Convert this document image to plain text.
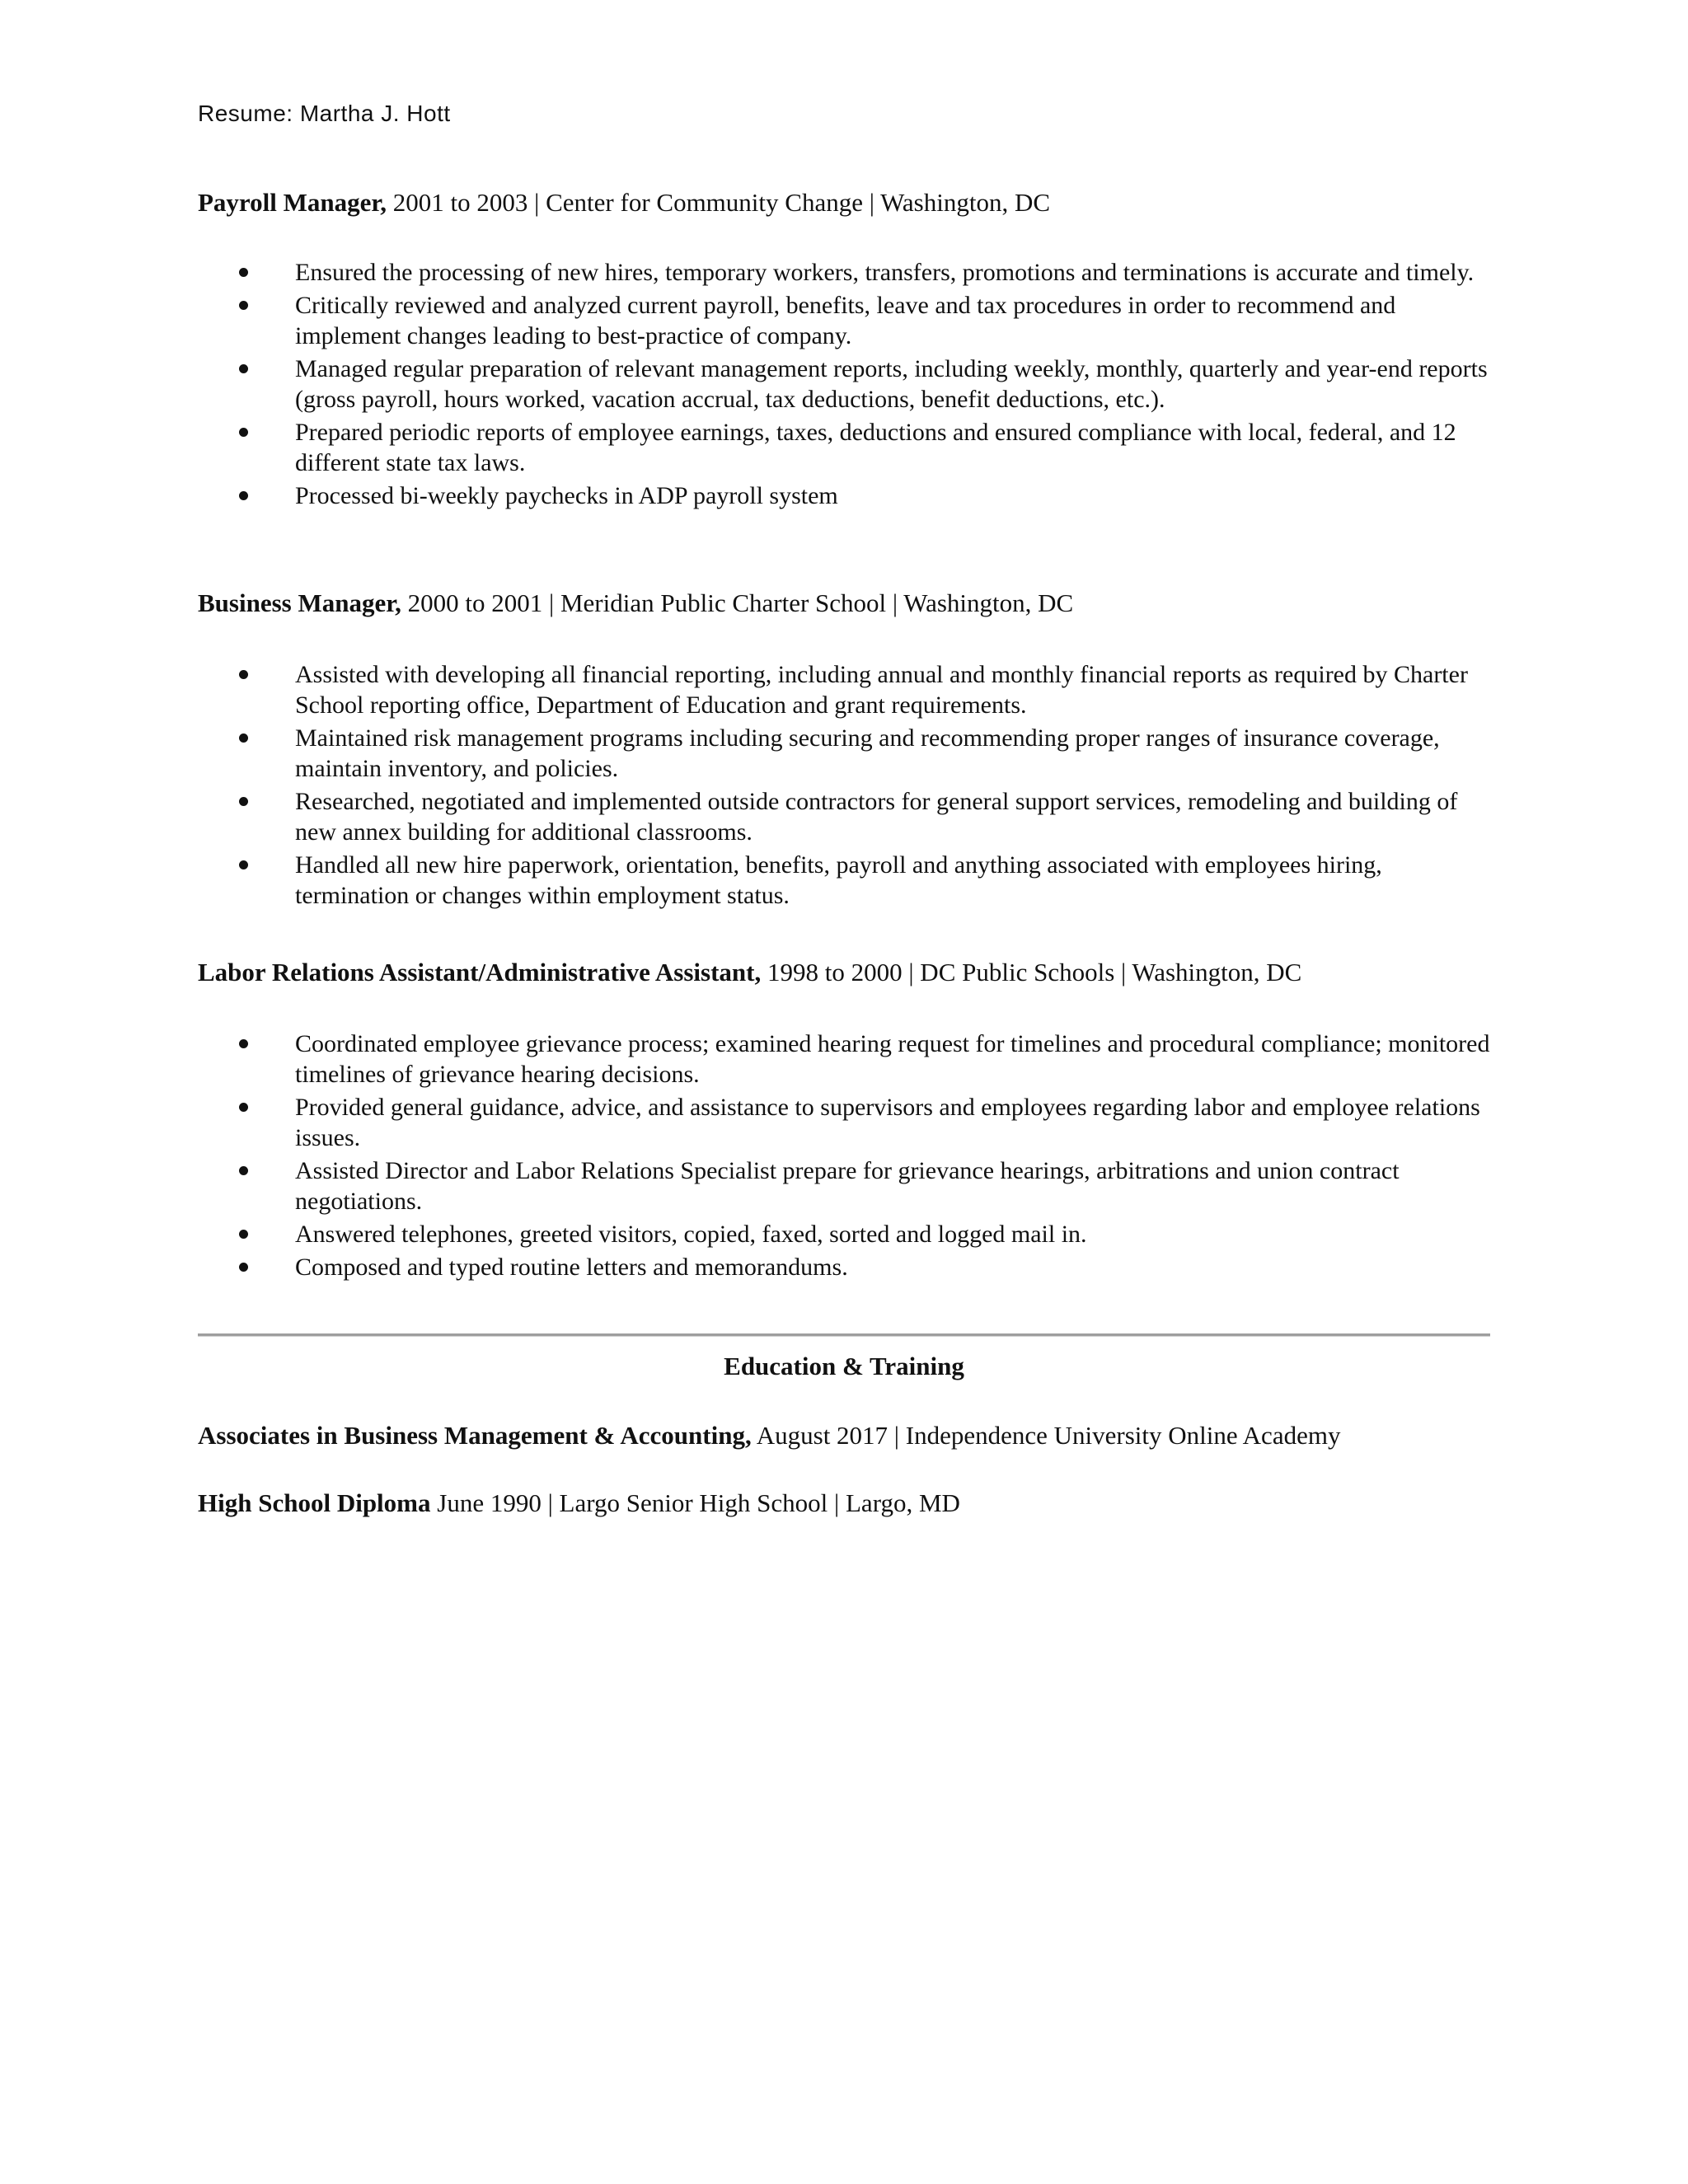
Resume: Martha J. Hott
Payroll Manager, 2001 to 2003 | Center for Community Change | Washington, DC
Ensured the processing of new hires, temporary workers, transfers, promotions and terminations is accurate and timely.
Critically reviewed and analyzed current payroll, benefits, leave and tax procedures in order to recommend and implement changes leading to best-practice of company.
Managed regular preparation of relevant management reports, including weekly, monthly, quarterly and year-end reports (gross payroll, hours worked, vacation accrual, tax deductions, benefit deductions, etc.).
Prepared periodic reports of employee earnings, taxes, deductions and ensured compliance with local, federal, and 12 different state tax laws.
Processed bi-weekly paychecks in ADP payroll system
Business Manager, 2000 to 2001 | Meridian Public Charter School | Washington, DC
Assisted with developing all financial reporting, including annual and monthly financial reports as required by Charter School reporting office, Department of Education and grant requirements.
Maintained risk management programs including securing and recommending proper ranges of insurance coverage, maintain inventory, and policies.
Researched, negotiated and implemented outside contractors for general support services, remodeling and building of new annex building for additional classrooms.
Handled all new hire paperwork, orientation, benefits, payroll and anything associated with employees hiring, termination or changes within employment status.
Labor Relations Assistant/Administrative Assistant, 1998 to 2000 | DC Public Schools | Washington, DC
Coordinated employee grievance process; examined hearing request for timelines and procedural compliance; monitored timelines of grievance hearing decisions.
Provided general guidance, advice, and assistance to supervisors and employees regarding labor and employee relations issues.
Assisted Director and Labor Relations Specialist prepare for grievance hearings, arbitrations and union contract negotiations.
Answered telephones, greeted visitors, copied, faxed, sorted and logged mail in.
Composed and typed routine letters and memorandums.
Education & Training
Associates in Business Management & Accounting, August 2017 | Independence University Online Academy
High School Diploma June 1990 | Largo Senior High School | Largo, MD
